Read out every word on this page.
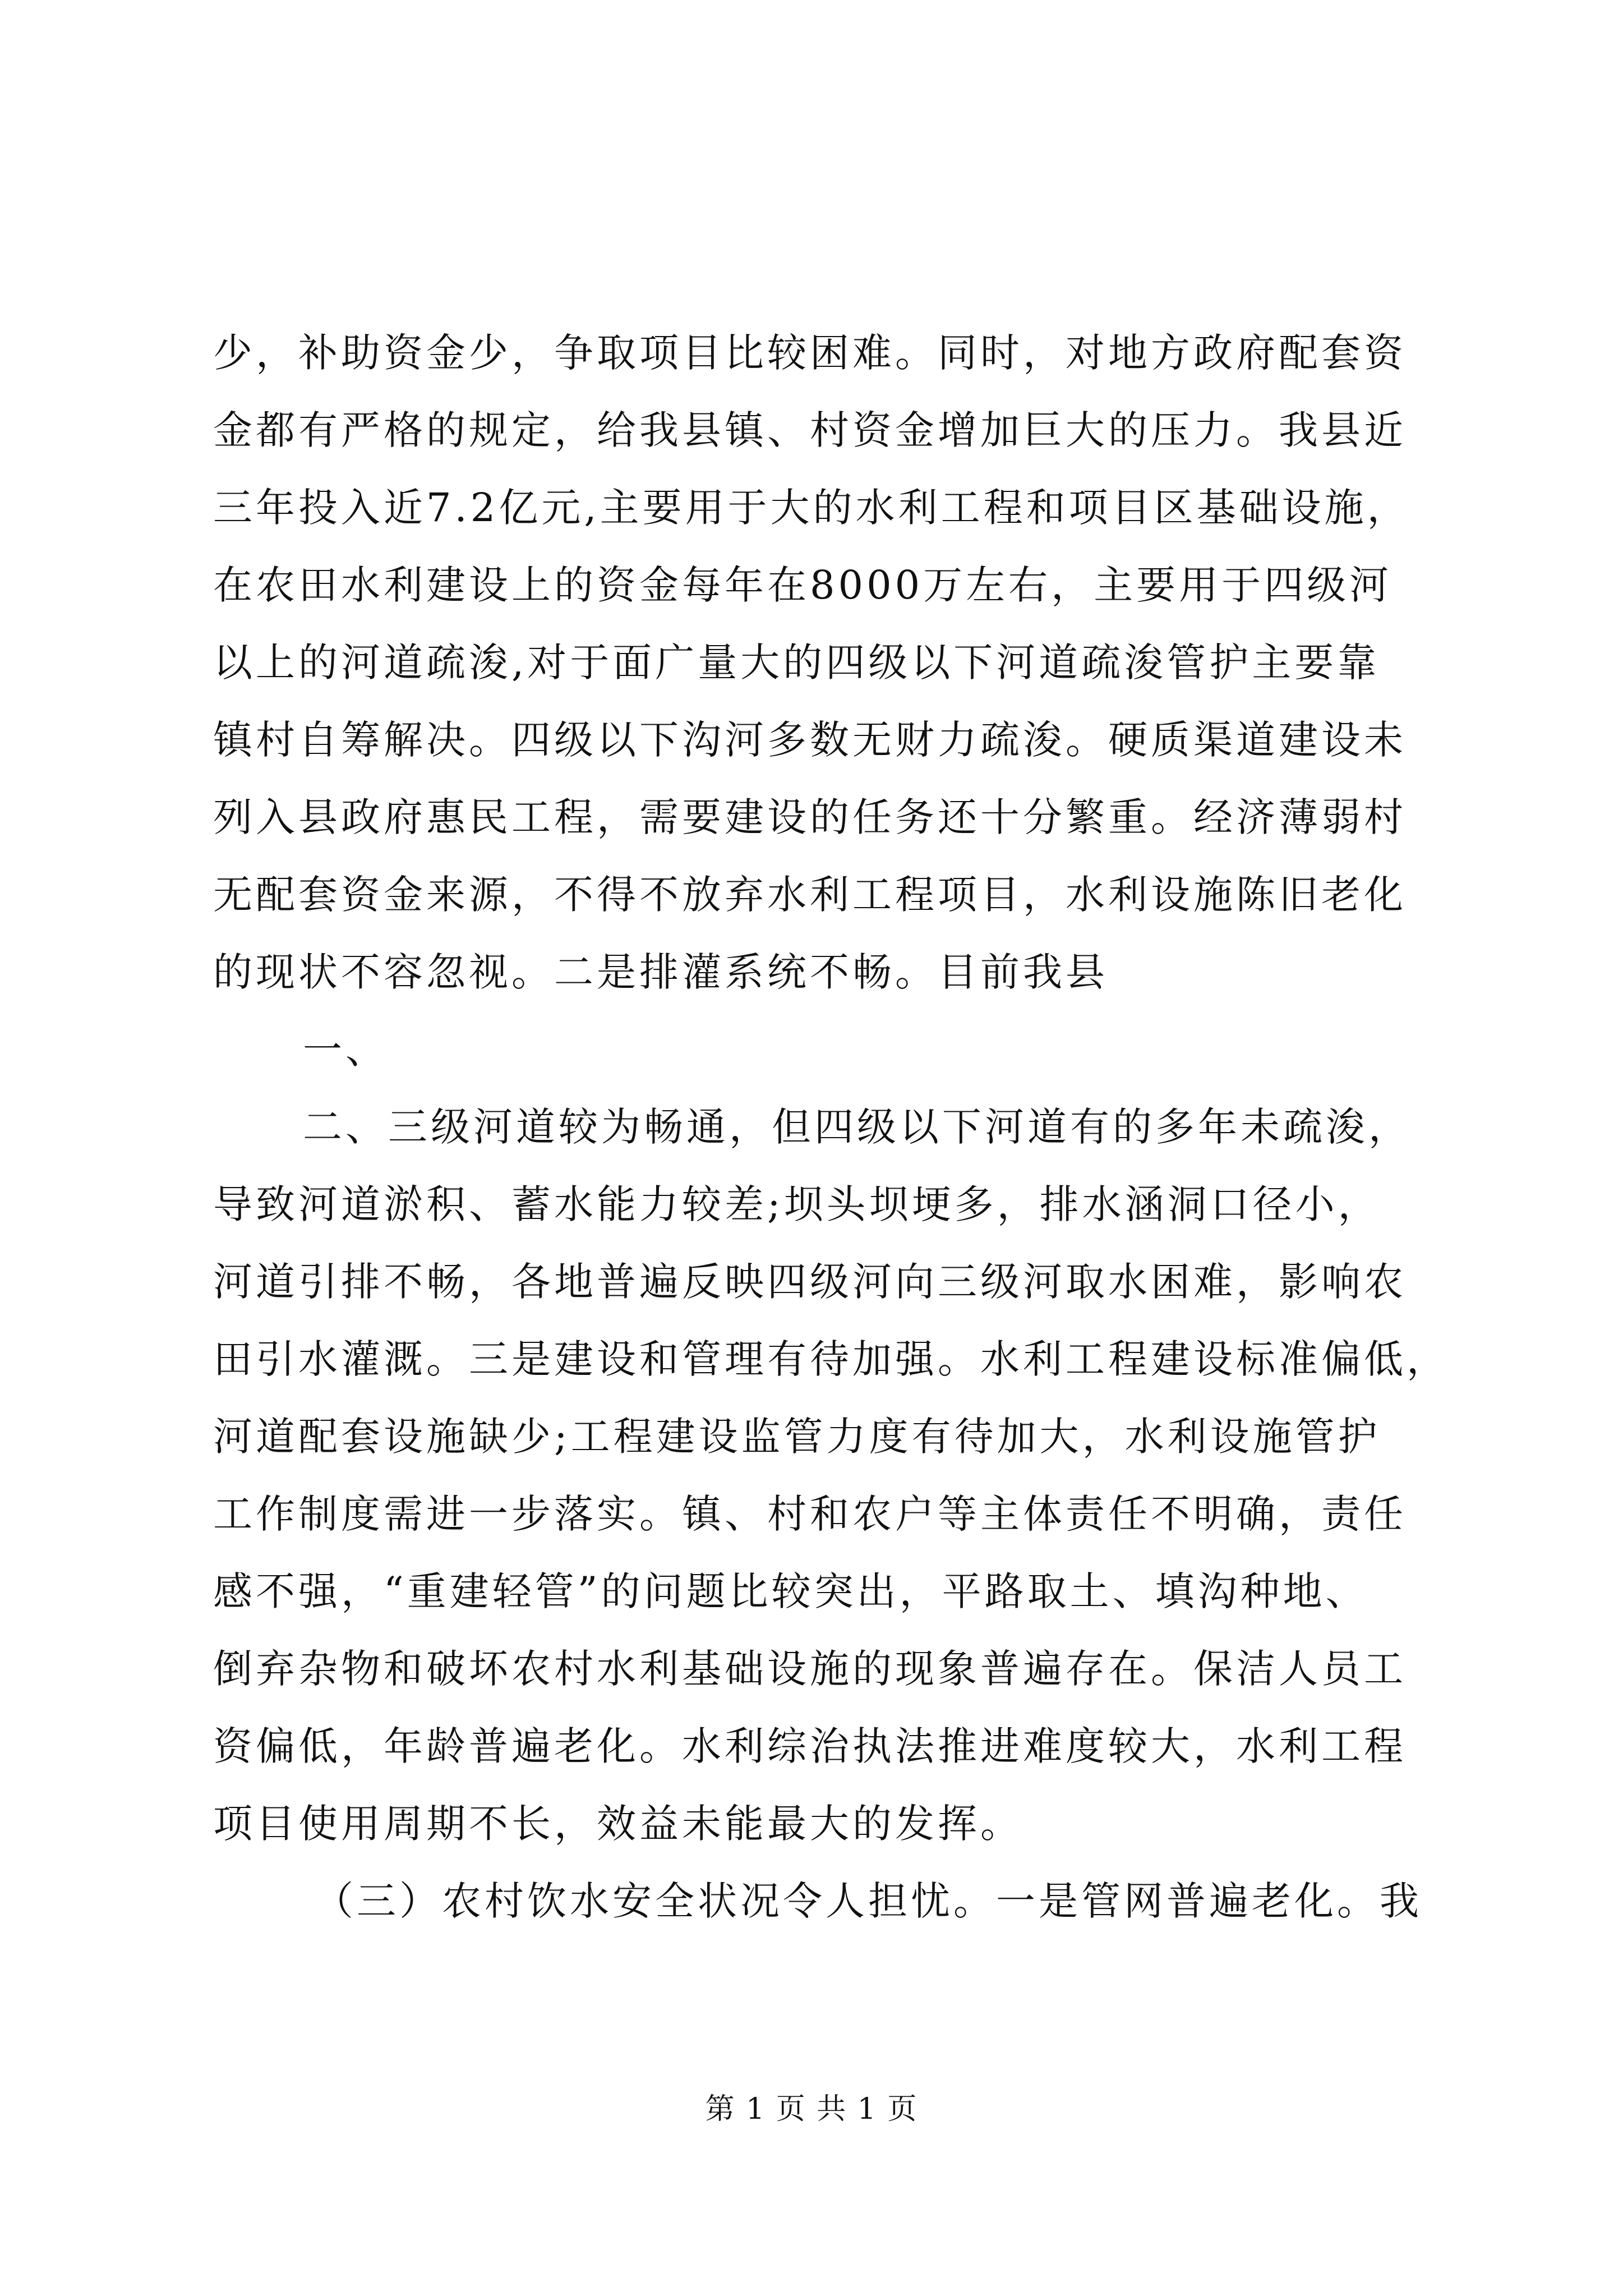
少，补助资金少，争取项目比较困难。同时，对地方政府配套资
金都有严格的规定，给我县镇、村资金增加巨大的压力。我县近
三年投入近7.2亿元,主要用于大的水利工程和项目区基础设施，
在农田水利建设上的资金每年在8000万左右，主要用于四级河
以上的河道疏浚,对于面广量大的四级以下河道疏浚管护主要靠
镇村自筹解决。四级以下沟河多数无财力疏浚。硬质渠道建设未
列入县政府惠民工程，需要建设的任务还十分繁重。经济薄弱村
无配套资金来源，不得不放弃水利工程项目，水利设施陈旧老化
的现状不容忽视。二是排灌系统不畅。目前我县
一、
二、三级河道较为畅通，但四级以下河道有的多年未疏浚，
导致河道淤积、蓄水能力较差;坝头坝埂多，排水涵洞口径小，
河道引排不畅，各地普遍反映四级河向三级河取水困难，影响农
田引水灌溉。三是建设和管理有待加强。水利工程建设标准偏低，
河道配套设施缺少;工程建设监管力度有待加大，水利设施管护
工作制度需进一步落实。镇、村和农户等主体责任不明确，责任
感不强，“重建轻管”的问题比较突出，平路取土、填沟种地、
倒弃杂物和破坏农村水利基础设施的现象普遍存在。保洁人员工
资偏低，年龄普遍老化。水利综治执法推进难度较大，水利工程
项目使用周期不长，效益未能最大的发挥。
（三）农村饮水安全状况令人担忧。一是管网普遍老化。我
第 1 页 共 1 页
